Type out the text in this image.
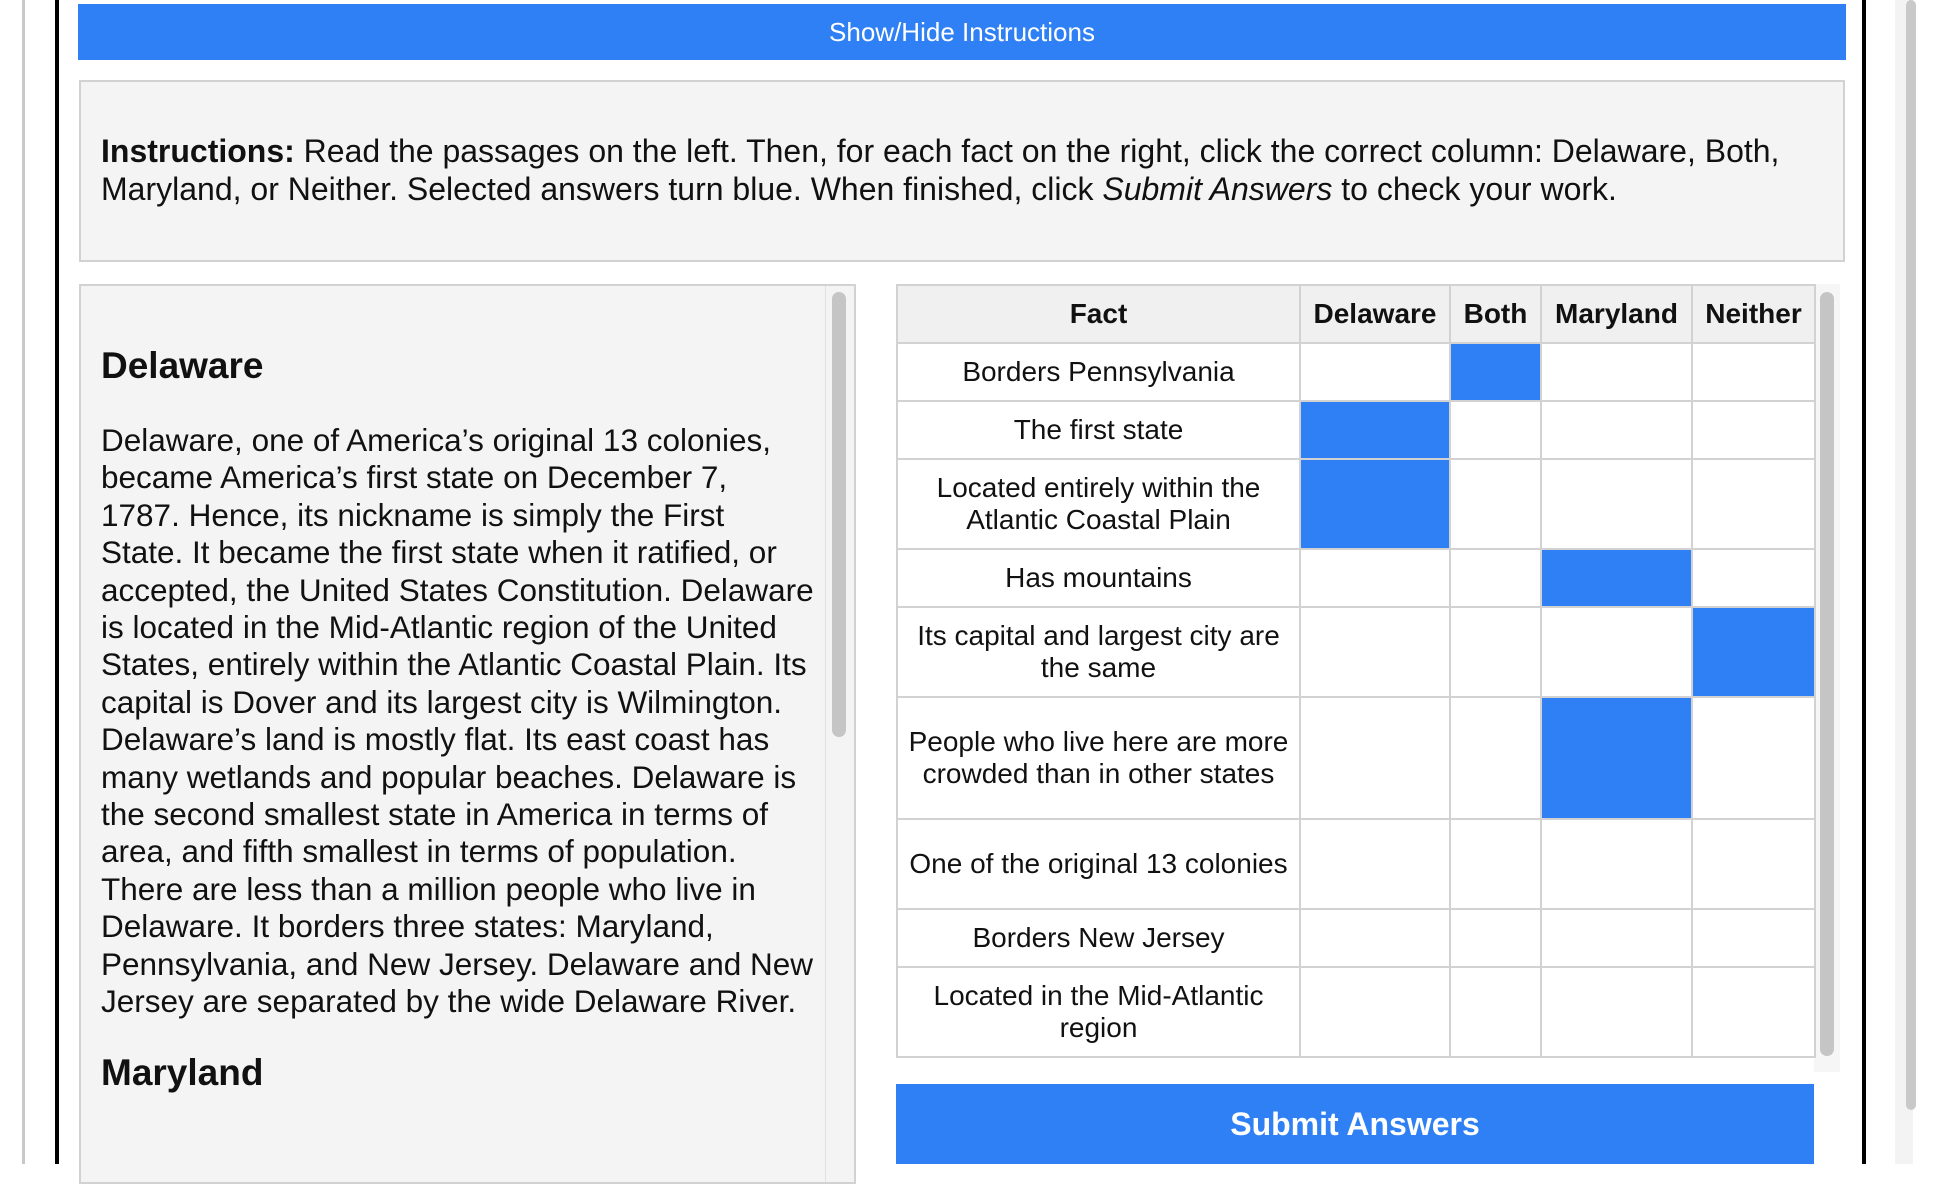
Show/Hide Instructions
Instructions: Read the passages on the left. Then, for each fact on the right, click the correct column: Delaware, Both, Maryland, or Neither. Selected answers turn blue. When finished, click Submit Answers to check your work.
Delaware

Delaware, one of America’s original 13 colonies, became America’s first state on December 7, 1787. Hence, its nickname is simply the First State. It became the first state when it ratified, or accepted, the United States Constitution. Delaware is located in the Mid-Atlantic region of the United States, entirely within the Atlantic Coastal Plain. Its capital is Dover and its largest city is Wilmington. Delaware’s land is mostly flat. Its east coast has many wetlands and popular beaches. Delaware is the second smallest state in America in terms of area, and fifth smallest in terms of population. There are less than a million people who live in Delaware. It borders three states: Maryland, Pennsylvania, and New Jersey. Delaware and New Jersey are separated by the wide Delaware River.

Maryland
Fact	Delaware	Both	Maryland	Neither
Borders Pennsylvania				
The first state				
Located entirely within the Atlantic Coastal Plain				
Has mountains				
Its capital and largest city are the same				
People who live here are more crowded than in other states				
One of the original 13 colonies				
Borders New Jersey				
Located in the Mid-Atlantic region				
Submit Answers
